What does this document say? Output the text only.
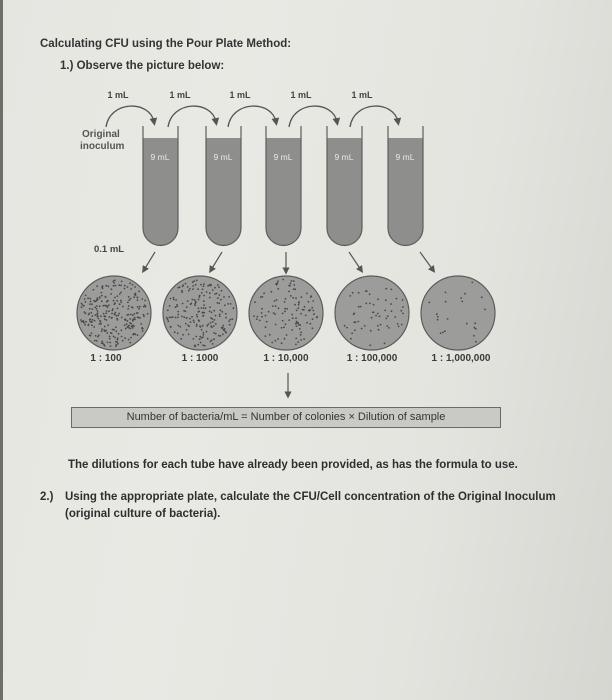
Calculating CFU using the Pour Plate Method:
1.) Observe the picture below:
1 mL	1 mL	1 mL	1 mL	1 mL
Original
inoculum
9 mL	9 mL	9 mL	9 mL	9 mL
0.1 mL
1 : 100	1 : 1000	1 : 10,000	1 : 100,000	1 : 1,000,000
Number of bacteria/mL = Number of colonies × Dilution of sample
The dilutions for each tube have already been provided, as has the formula to use.
2.) Using the appropriate plate, calculate the CFU/Cell concentration of the Original Inoculum
(original culture of bacteria).
